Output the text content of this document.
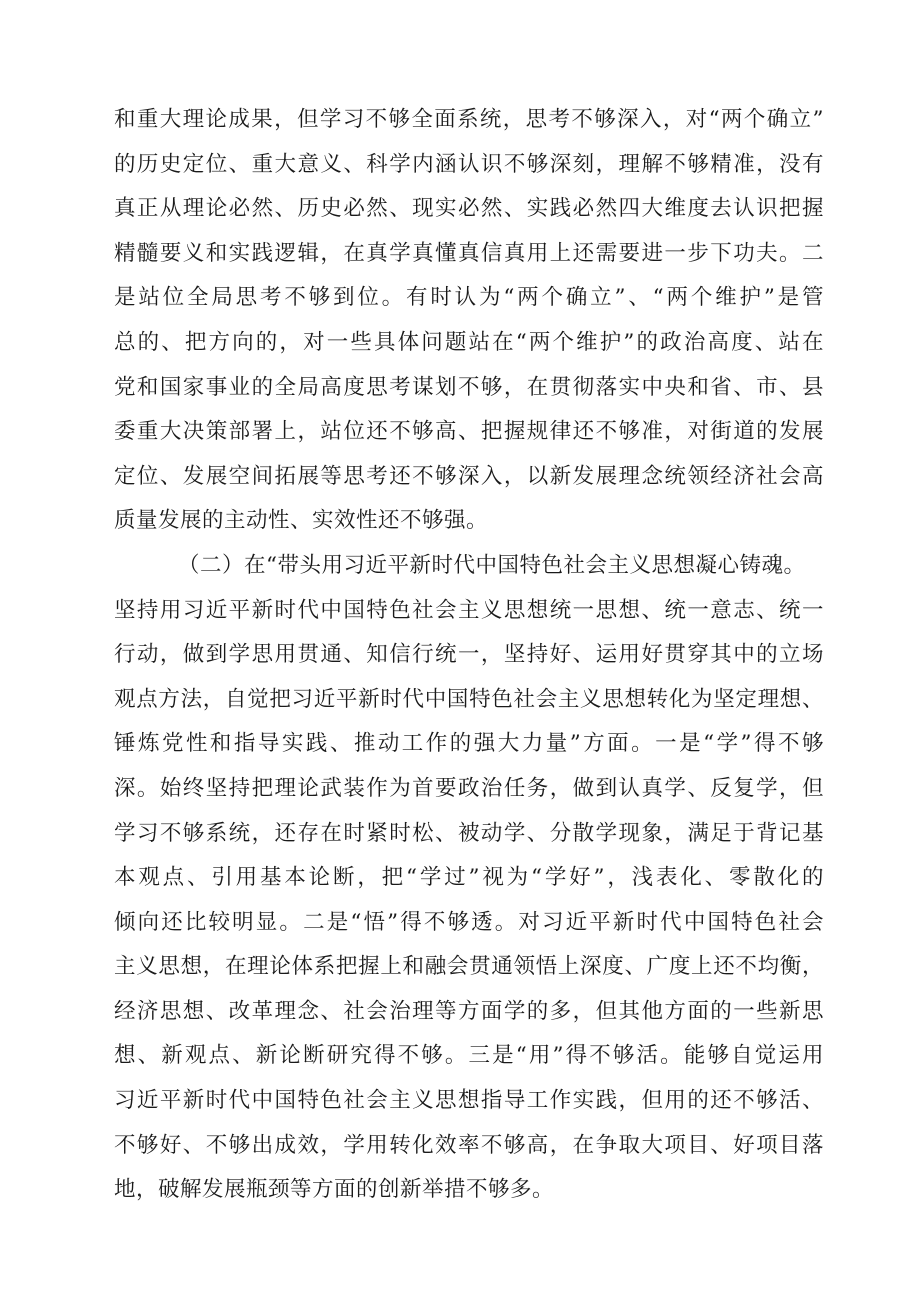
和重大理论成果，但学习不够全面系统，思考不够深入，对“两个确立”
的历史定位、重大意义、科学内涵认识不够深刻，理解不够精准，没有
真正从理论必然、历史必然、现实必然、实践必然四大维度去认识把握
精髓要义和实践逻辑，在真学真懂真信真用上还需要进一步下功夫。二
是站位全局思考不够到位。有时认为“两个确立”、“两个维护”是管
总的、把方向的，对一些具体问题站在“两个维护”的政治高度、站在
党和国家事业的全局高度思考谋划不够，在贯彻落实中央和省、市、县
委重大决策部署上，站位还不够高、把握规律还不够准，对街道的发展
定位、发展空间拓展等思考还不够深入，以新发展理念统领经济社会高
质量发展的主动性、实效性还不够强。
（二）在“带头用习近平新时代中国特色社会主义思想凝心铸魂。
坚持用习近平新时代中国特色社会主义思想统一思想、统一意志、统一
行动，做到学思用贯通、知信行统一，坚持好、运用好贯穿其中的立场
观点方法，自觉把习近平新时代中国特色社会主义思想转化为坚定理想、
锤炼党性和指导实践、推动工作的强大力量”方面。一是“学”得不够
深。始终坚持把理论武装作为首要政治任务，做到认真学、反复学，但
学习不够系统，还存在时紧时松、被动学、分散学现象，满足于背记基
本观点、引用基本论断，把“学过”视为“学好”，浅表化、零散化的
倾向还比较明显。二是“悟”得不够透。对习近平新时代中国特色社会
主义思想，在理论体系把握上和融会贯通领悟上深度、广度上还不均衡，
经济思想、改革理念、社会治理等方面学的多，但其他方面的一些新思
想、新观点、新论断研究得不够。三是“用”得不够活。能够自觉运用
习近平新时代中国特色社会主义思想指导工作实践，但用的还不够活、
不够好、不够出成效，学用转化效率不够高，在争取大项目、好项目落
地，破解发展瓶颈等方面的创新举措不够多。
